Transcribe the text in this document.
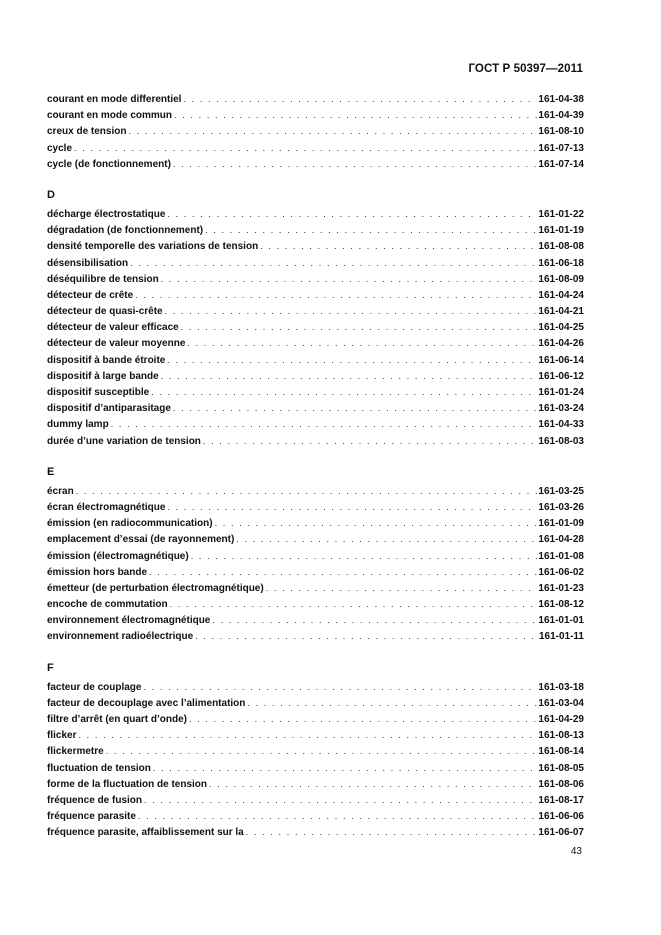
ГОСТ Р 50397—2011
courant en mode differentiel . . .	161-04-38
courant en mode commun . . .	161-04-39
creux de tension . . .	161-08-10
cycle . . .	161-07-13
cycle (de fonctionnement) . . .	161-07-14
D
décharge électrostatique . . .	161-01-22
dégradation (de fonctionnement) . . .	161-01-19
densité temporelle des variations de tension . . .	161-08-08
désensibilisation . . .	161-06-18
déséquilibre de tension . . .	161-08-09
détecteur de crête . . .	161-04-24
détecteur de quasi-crête . . .	161-04-21
détecteur de valeur efficace . . .	161-04-25
détecteur de valeur moyenne . . .	161-04-26
dispositif à bande étroite . . .	161-06-14
dispositif à large bande . . .	161-06-12
dispositif susceptible . . .	161-01-24
dispositif d’antiparasitage . . .	161-03-24
dummy lamp . . .	161-04-33
durée d’une variation de tension . . .	161-08-03
E
écran . . .	161-03-25
écran électromagnétique . . .	161-03-26
émission (en radiocommunication) . . .	161-01-09
emplacement d’essai (de rayonnement) . . .	161-04-28
émission (électromagnétique) . . .	161-01-08
émission hors bande . . .	161-06-02
émetteur (de perturbation électromagnétique) . . .	161-01-23
encoche de commutation . . .	161-08-12
environnement électromagnétique . . .	161-01-01
environnement radioélectrique . . .	161-01-11
F
facteur de couplage . . .	161-03-18
facteur de decouplage avec l’alimentation . . .	161-03-04
filtre d’arrêt (en quart d’onde) . . .	161-04-29
flicker . . .	161-08-13
flickermetre . . .	161-08-14
fluctuation de tension . . .	161-08-05
forme de la fluctuation de tension . . .	161-08-06
fréquence de fusion . . .	161-08-17
fréquence parasite . . .	161-06-06
fréquence parasite, affaiblissement sur la . . .	161-06-07
43
